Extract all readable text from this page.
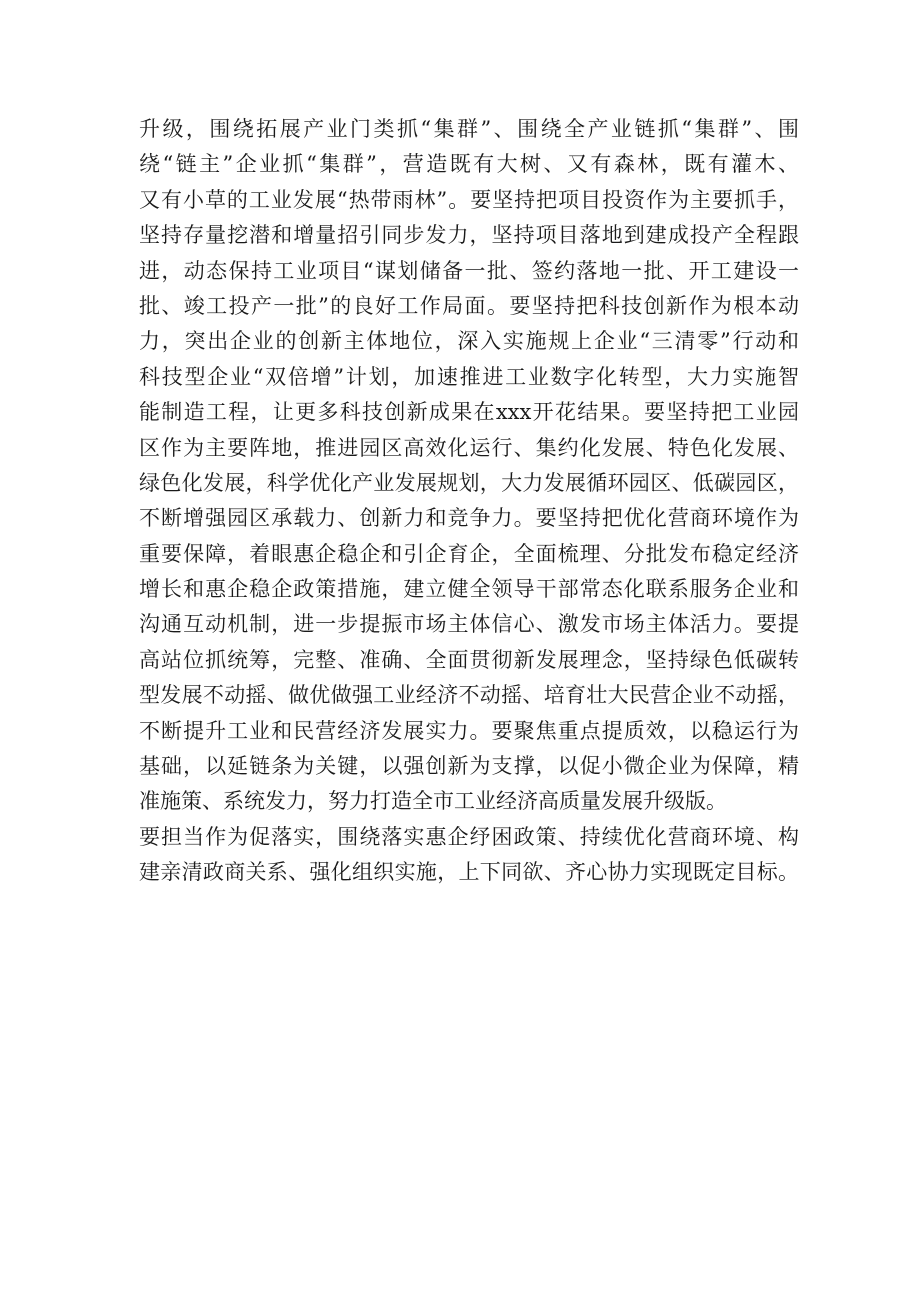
升级，围绕拓展产业门类抓“集群”、围绕全产业链抓“集群”、围
绕“链主”企业抓“集群”，营造既有大树、又有森林，既有灌木、
又有小草的工业发展“热带雨林”。要坚持把项目投资作为主要抓手，
坚持存量挖潜和增量招引同步发力，坚持项目落地到建成投产全程跟
进，动态保持工业项目“谋划储备一批、签约落地一批、开工建设一
批、竣工投产一批”的良好工作局面。要坚持把科技创新作为根本动
力，突出企业的创新主体地位，深入实施规上企业“三清零”行动和
科技型企业“双倍增”计划，加速推进工业数字化转型，大力实施智
能制造工程，让更多科技创新成果在xxx开花结果。要坚持把工业园
区作为主要阵地，推进园区高效化运行、集约化发展、特色化发展、
绿色化发展，科学优化产业发展规划，大力发展循环园区、低碳园区，
不断增强园区承载力、创新力和竞争力。要坚持把优化营商环境作为
重要保障，着眼惠企稳企和引企育企，全面梳理、分批发布稳定经济
增长和惠企稳企政策措施，建立健全领导干部常态化联系服务企业和
沟通互动机制，进一步提振市场主体信心、激发市场主体活力。要提
高站位抓统筹，完整、准确、全面贯彻新发展理念，坚持绿色低碳转
型发展不动摇、做优做强工业经济不动摇、培育壮大民营企业不动摇，
不断提升工业和民营经济发展实力。要聚焦重点提质效，以稳运行为
基础，以延链条为关键，以强创新为支撑，以促小微企业为保障，精
准施策、系统发力，努力打造全市工业经济高质量发展升级版。
要担当作为促落实，围绕落实惠企纾困政策、持续优化营商环境、构
建亲清政商关系、强化组织实施，上下同欲、齐心协力实现既定目标。
